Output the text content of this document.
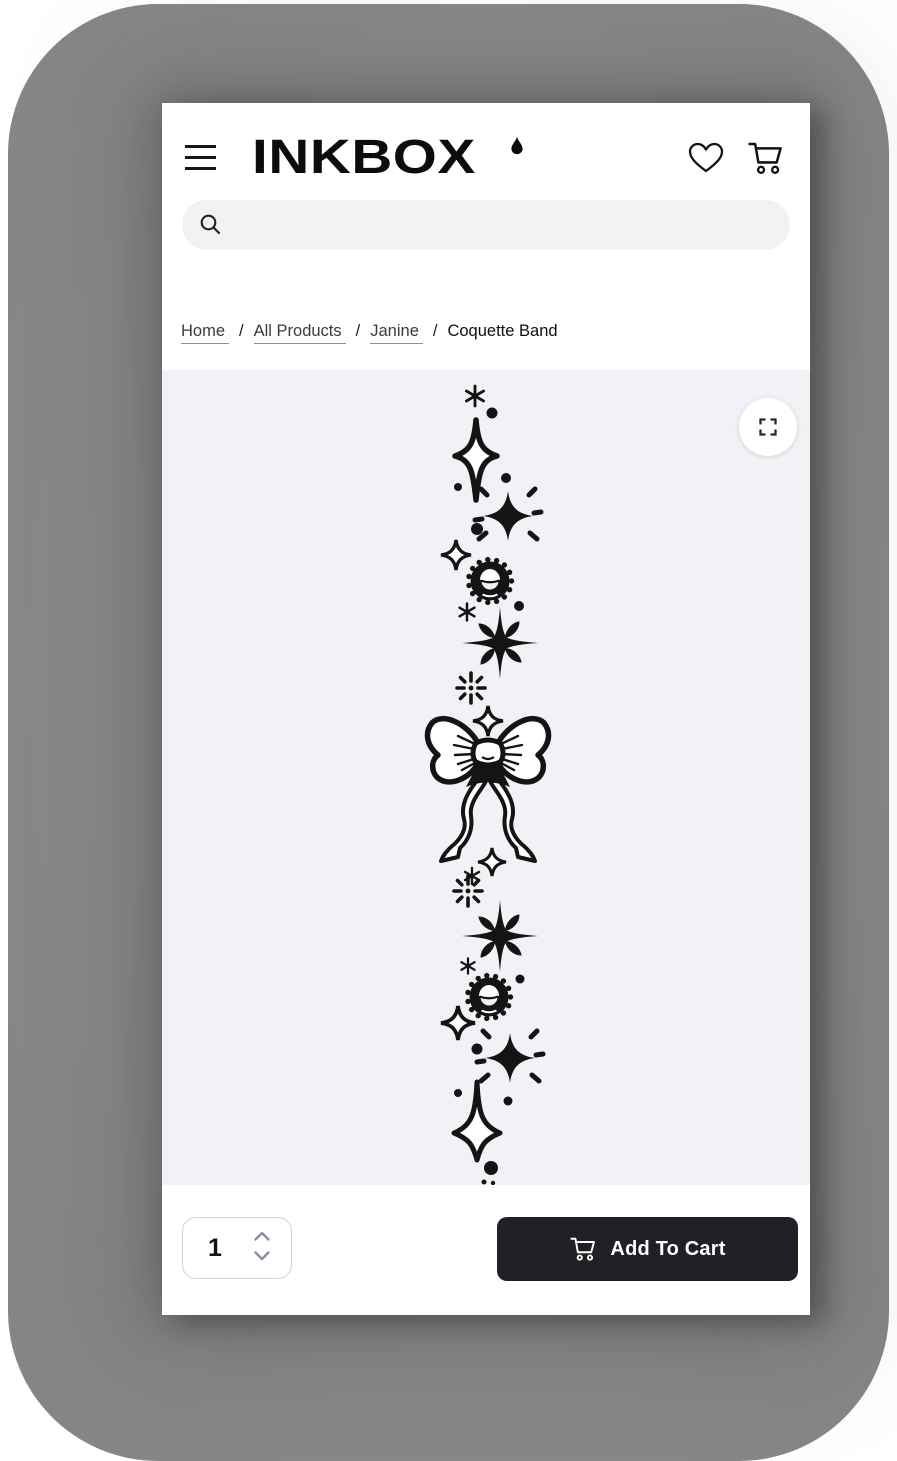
INKBOX
Home / All Products / Janine / Coquette Band
1	Add To Cart
